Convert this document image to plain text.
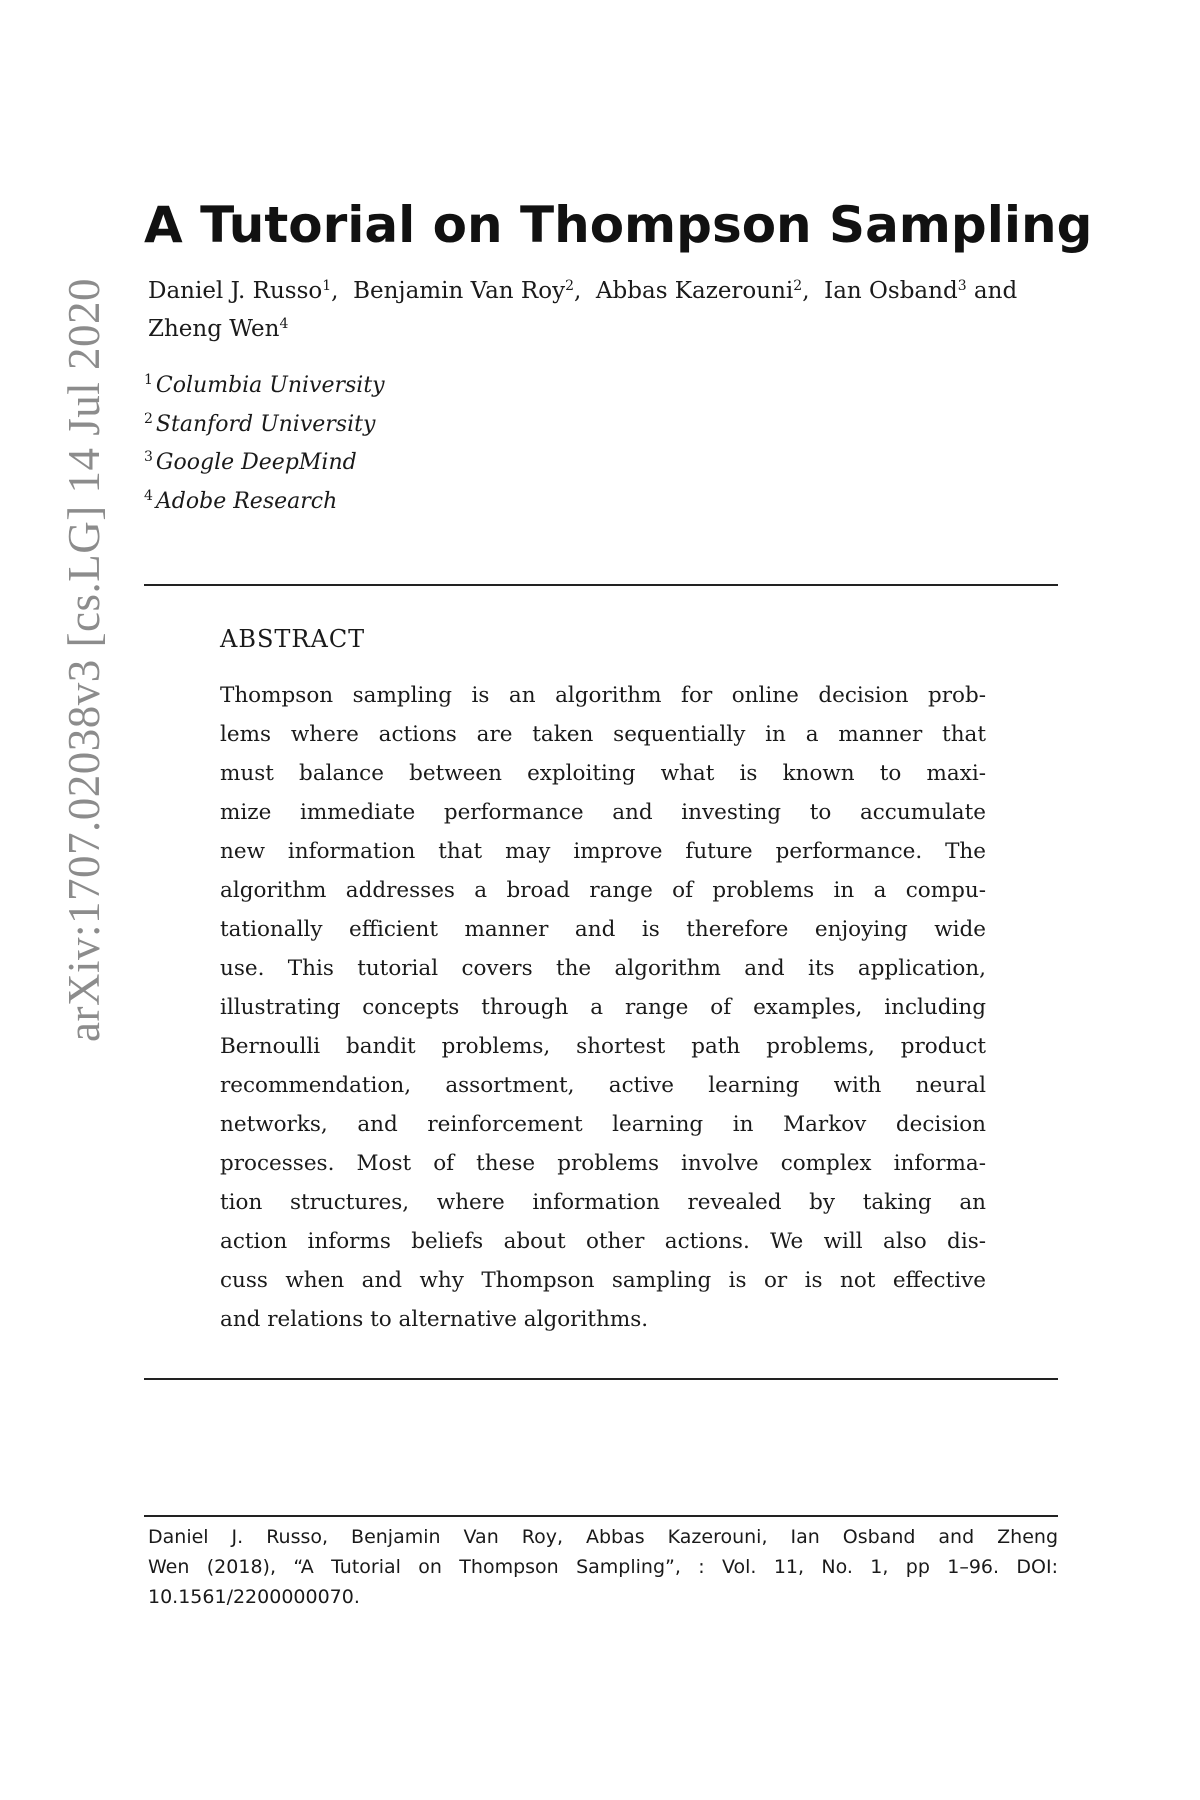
arXiv:1707.02038v3 [cs.LG] 14 Jul 2020
A Tutorial on Thompson Sampling
Daniel J. Russo$^1$, Benjamin Van Roy$^2$, Abbas Kazerouni$^2$, Ian Osband$^3$ and  Zheng Wen$^4$
$^1$ Columbia University
$^2$ Stanford University
$^3$ Google DeepMind
$^4$ Adobe Research
ABSTRACT
Thompson sampling is an algorithm for online decision prob-
lems where actions are taken sequentially in a manner that
must balance between exploiting what is known to maxi-
mize immediate performance and investing to accumulate
new information that may improve future performance. The
algorithm addresses a broad range of problems in a compu-
tationally efficient manner and is therefore enjoying wide
use. This tutorial covers the algorithm and its application,
illustrating concepts through a range of examples, including
Bernoulli bandit problems, shortest path problems, product
recommendation, assortment, active learning with neural
networks, and reinforcement learning in Markov decision
processes. Most of these problems involve complex informa-
tion structures, where information revealed by taking an
action informs beliefs about other actions. We will also dis-
cuss when and why Thompson sampling is or is not effective
and relations to alternative algorithms.
Daniel J. Russo, Benjamin Van Roy, Abbas Kazerouni, Ian Osband and Zheng
Wen (2018), “A Tutorial on Thompson Sampling”, : Vol. 11, No. 1, pp 1–96. DOI:
10.1561/2200000070.
